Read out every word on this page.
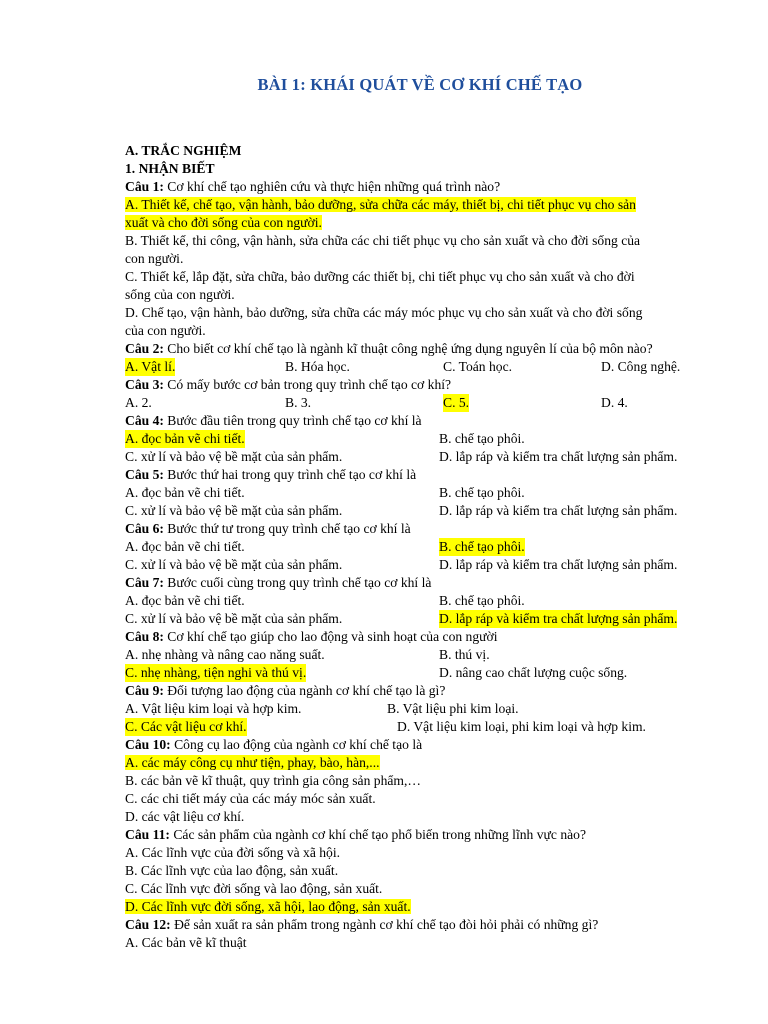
BÀI 1: KHÁI QUÁT VỀ CƠ KHÍ CHẾ TẠO
A. TRẮC NGHIỆM
1. NHẬN BIẾT
Câu 1: Cơ khí chế tạo nghiên cứu và thực hiện những quá trình nào?
A. Thiết kế, chế tạo, vận hành, bảo dưỡng, sửa chữa các máy, thiết bị, chi tiết phục vụ cho sản
xuất và cho đời sống của con người.
B. Thiết kế, thi công, vận hành, sửa chữa các chi tiết phục vụ cho sản xuất và cho đời sống của
con người.
C. Thiết kế, lắp đặt, sửa chữa, bảo dưỡng các thiết bị, chi tiết phục vụ cho sản xuất và cho đời
sống của con người.
D. Chế tạo, vận hành, bảo dưỡng, sửa chữa các máy móc phục vụ cho sản xuất và cho đời sống
của con người.
Câu 2: Cho biết cơ khí chế tạo là ngành kĩ thuật công nghệ ứng dụng nguyên lí của bộ môn nào?
A. Vật lí.	B. Hóa học.	C. Toán học.	D. Công nghệ.
Câu 3: Có mấy bước cơ bản trong quy trình chế tạo cơ khí?
A. 2.	B. 3.	C. 5.	D. 4.
Câu 4: Bước đầu tiên trong quy trình chế tạo cơ khí là
A. đọc bản vẽ chi tiết.	B. chế tạo phôi.
C. xử lí và bảo vệ bề mặt của sản phẩm.	D. lắp ráp và kiểm tra chất lượng sản phẩm.
Câu 5: Bước thứ hai trong quy trình chế tạo cơ khí là
A. đọc bản vẽ chi tiết.	B. chế tạo phôi.
C. xử lí và bảo vệ bề mặt của sản phẩm.	D. lắp ráp và kiểm tra chất lượng sản phẩm.
Câu 6: Bước thứ tư trong quy trình chế tạo cơ khí là
A. đọc bản vẽ chi tiết.	B. chế tạo phôi.
C. xử lí và bảo vệ bề mặt của sản phẩm.	D. lắp ráp và kiểm tra chất lượng sản phẩm.
Câu 7: Bước cuối cùng trong quy trình chế tạo cơ khí là
A. đọc bản vẽ chi tiết.	B. chế tạo phôi.
C. xử lí và bảo vệ bề mặt của sản phẩm.	D. lắp ráp và kiểm tra chất lượng sản phẩm.
Câu 8: Cơ khí chế tạo giúp cho lao động và sinh hoạt của con người
A. nhẹ nhàng và nâng cao năng suất.	B. thú vị.
C. nhẹ nhàng, tiện nghi và thú vị.	D. nâng cao chất lượng cuộc sống.
Câu 9: Đối tượng lao động của ngành cơ khí chế tạo là gì?
A. Vật liệu kim loại và hợp kim.	B. Vật liệu phi kim loại.
C. Các vật liệu cơ khí.	D. Vật liệu kim loại, phi kim loại và hợp kim.
Câu 10: Công cụ lao động của ngành cơ khí chế tạo là
A. các máy công cụ như tiện, phay, bào, hàn,...
B. các bản vẽ kĩ thuật, quy trình gia công sản phẩm,…
C. các chi tiết máy của các máy móc sản xuất.
D. các vật liệu cơ khí.
Câu 11: Các sản phẩm của ngành cơ khí chế tạo phổ biến trong những lĩnh vực nào?
A. Các lĩnh vực của đời sống và xã hội.
B. Các lĩnh vực của lao động, sản xuất.
C. Các lĩnh vực đời sống và lao động, sản xuất.
D. Các lĩnh vực đời sống, xã hội, lao động, sản xuất.
Câu 12: Để sản xuất ra sản phẩm trong ngành cơ khí chế tạo đòi hỏi phải có những gì?
A. Các bản vẽ kĩ thuật
